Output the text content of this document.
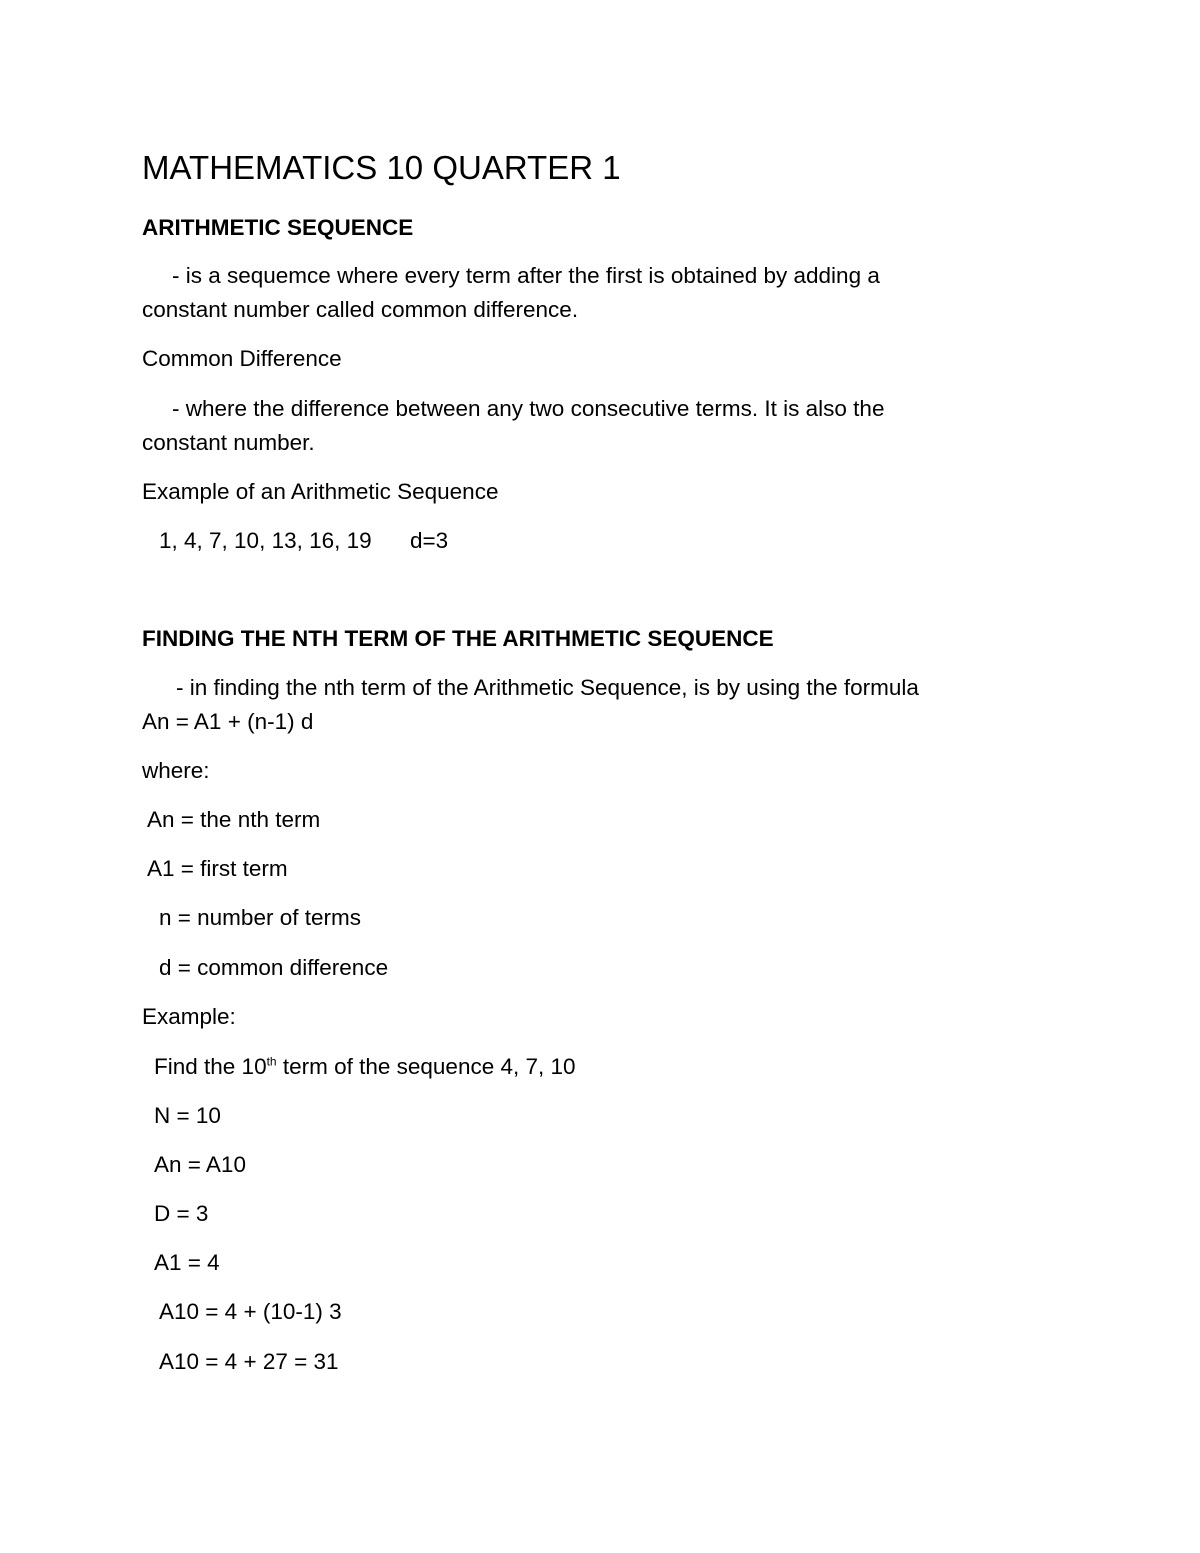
MATHEMATICS 10 QUARTER 1
ARITHMETIC SEQUENCE
- is a sequemce where every term after the first is obtained by adding a
constant number called common difference.
Common Difference
- where the difference between any two consecutive terms. It is also the
constant number.
Example of an Arithmetic Sequence
1, 4, 7, 10, 13, 16, 19 d=3
FINDING THE NTH TERM OF THE ARITHMETIC SEQUENCE
- in finding the nth term of the Arithmetic Sequence, is by using the formula
An = A1 + (n-1) d
where:
An = the nth term
A1 = first term
n = number of terms
d = common difference
Example:
Find the 10th term of the sequence 4, 7, 10
N = 10
An = A10
D = 3
A1 = 4
A10 = 4 + (10-1) 3
A10 = 4 + 27 = 31
